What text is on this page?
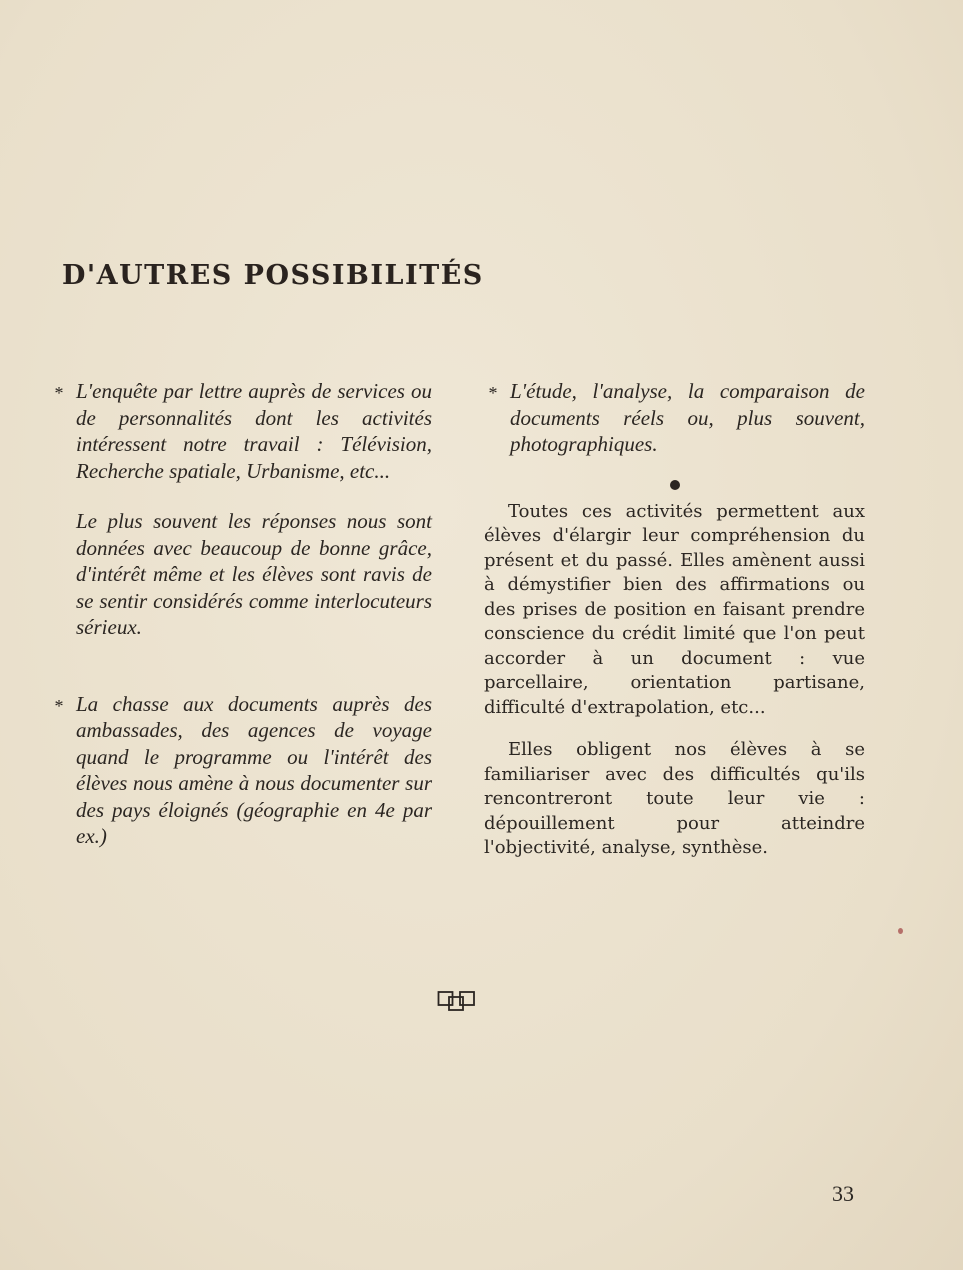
D'AUTRES POSSIBILITÉS
* L'enquête par lettre auprès de services ou de personnalités dont les activités intéressent notre travail : Télévision, Recherche spatiale, Urbanisme, etc...
Le plus souvent les réponses nous sont données avec beaucoup de bonne grâce, d'intérêt même et les élèves sont ravis de se sentir considérés comme interlocuteurs sérieux.
* La chasse aux documents auprès des ambassades, des agences de voyage quand le programme ou l'intérêt des élèves nous amène à nous documenter sur des pays éloignés (géographie en 4e par ex.)
* L'étude, l'analyse, la comparaison de documents réels ou, plus souvent, photographiques.
Toutes ces activités permettent aux élèves d'élargir leur compréhension du présent et du passé. Elles amènent aussi à démystifier bien des affirmations ou des prises de position en faisant prendre conscience du crédit limité que l'on peut accorder à un document : vue parcellaire, orientation partisane, difficulté d'extrapolation, etc...
Elles obligent nos élèves à se familiariser avec des difficultés qu'ils rencontreront toute leur vie : dépouillement pour atteindre l'objectivité, analyse, synthèse.
33
